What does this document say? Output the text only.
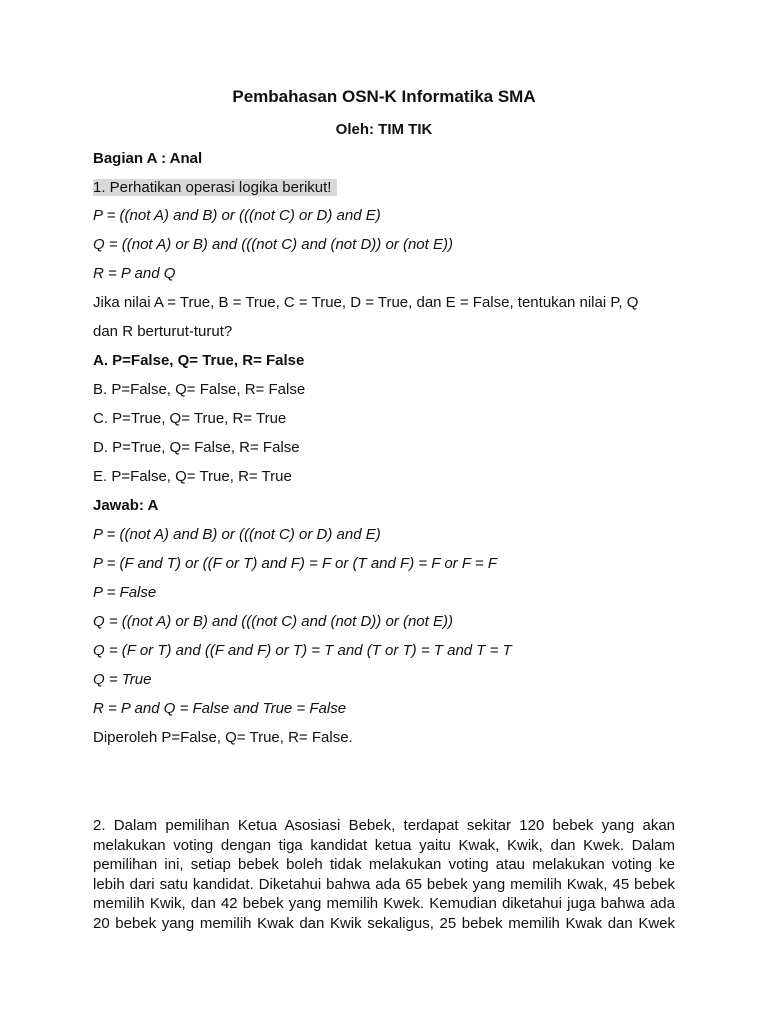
Pembahasan OSN-K Informatika SMA
Oleh: TIM TIK
Bagian A : Anal
1. Perhatikan operasi logika berikut!
P = ((not A) and B) or (((not C) or D) and E)
Q = ((not A) or B) and (((not C) and (not D)) or (not E))
R = P and Q
Jika nilai A = True, B = True, C = True, D = True, dan E = False, tentukan nilai P, Q
dan R berturut-turut?
A. P=False, Q= True, R= False
B. P=False, Q= False, R= False
C. P=True, Q= True, R= True
D. P=True, Q= False, R= False
E. P=False, Q= True, R= True
Jawab: A
P = ((not A) and B) or (((not C) or D) and E)
P = (F and T) or ((F or T) and F) = F or (T and F) = F or F = F
P = False
Q = ((not A) or B) and (((not C) and (not D)) or (not E))
Q = (F or T) and ((F and F) or T) = T and (T or T) = T and T = T
Q = True
R = P and Q = False and True = False
Diperoleh P=False, Q= True, R= False.
2. Dalam pemilihan Ketua Asosiasi Bebek, terdapat sekitar 120 bebek yang akan
melakukan voting dengan tiga kandidat ketua yaitu Kwak, Kwik, dan Kwek. Dalam
pemilihan ini, setiap bebek boleh tidak melakukan voting atau melakukan voting ke
lebih dari satu kandidat. Diketahui bahwa ada 65 bebek yang memilih Kwak, 45 bebek
memilih Kwik, dan 42 bebek yang memilih Kwek. Kemudian diketahui juga bahwa ada
20 bebek yang memilih Kwak dan Kwik sekaligus, 25 bebek memilih Kwak dan Kwek
